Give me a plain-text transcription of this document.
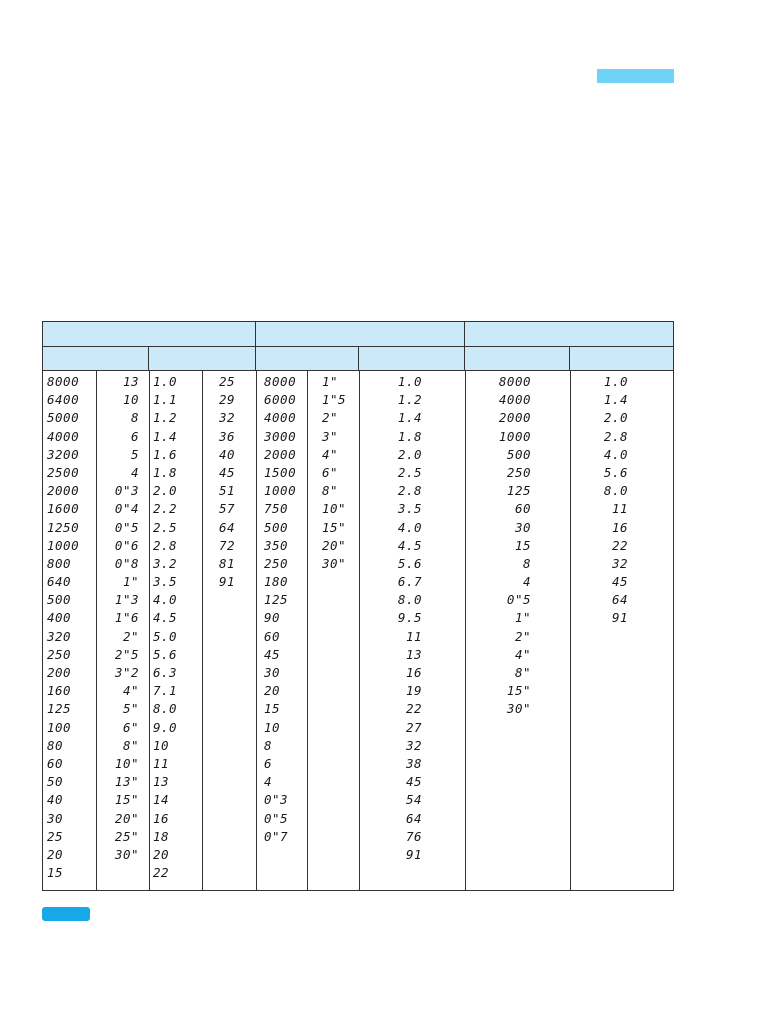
8000
6400
5000
4000
3200
2500
2000
1600
1250
1000
800
640
500
400
320
250
200
160
125
100
80
60
50
40
30
25
20
15
13
10
8
6
5
4
0"3
0"4
0"5
0"6
0"8
1"
1"3
1"6
2"
2"5
3"2
4"
5"
6"
8"
10"
13"
15"
20"
25"
30"
1.0
1.1
1.2
1.4
1.6
1.8
2.0
2.2
2.5
2.8
3.2
3.5
4.0
4.5
5.0
5.6
6.3
7.1
8.0
9.0
10
11
13
14
16
18
20
22
25
29
32
36
40
45
51
57
64
72
81
91
8000
6000
4000
3000
2000
1500
1000
750
500
350
250
180
125
90
60
45
30
20
15
10
8
6
4
0"3
0"5
0"7
1"
1"5
2"
3"
4"
6"
8"
10"
15"
20"
30"
1.0
1.2
1.4
1.8
2.0
2.5
2.8
3.5
4.0
4.5
5.6
6.7
8.0
9.5
11
13
16
19
22
27
32
38
45
54
64
76
91
8000
4000
2000
1000
500
250
125
60
30
15
8
4
0"5
1"
2"
4"
8"
15"
30"
1.0
1.4
2.0
2.8
4.0
5.6
8.0
11
16
22
32
45
64
91
